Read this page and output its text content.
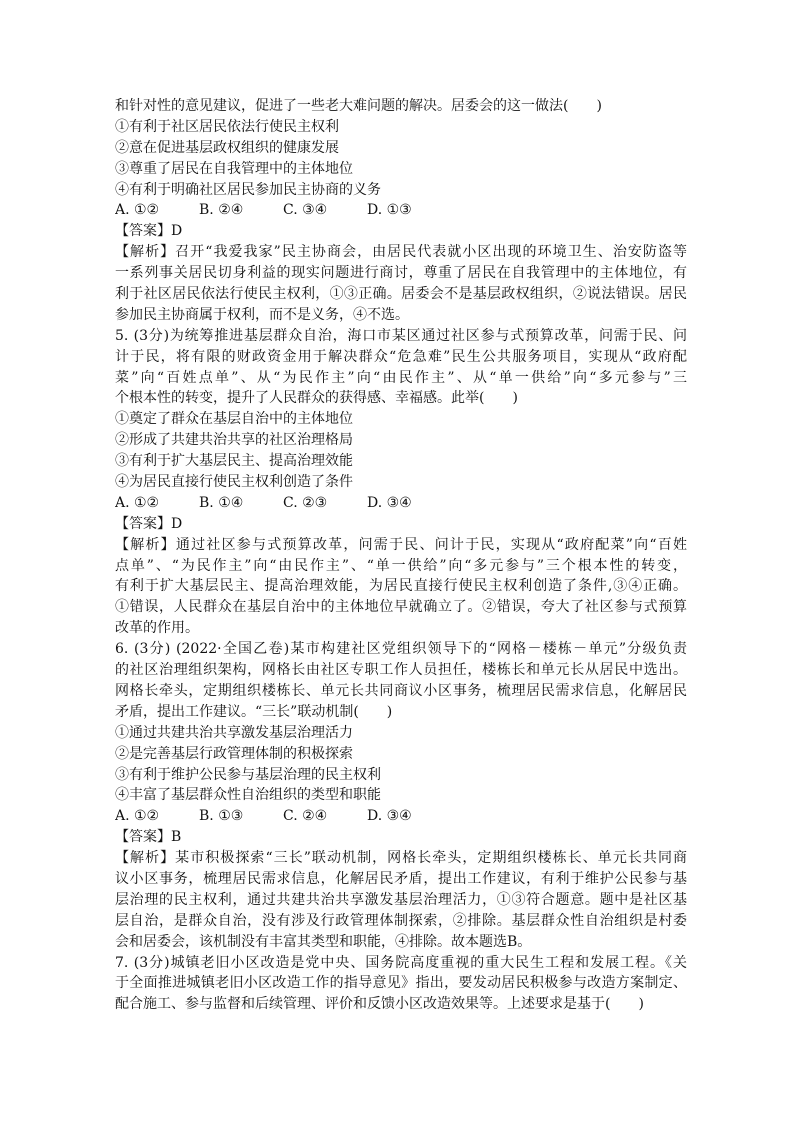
和针对性的意见建议，促进了一些老大难问题的解决。居委会的这一做法(　　)
①有利于社区居民依法行使民主权利
②意在促进基层政权组织的健康发展
③尊重了居民在自我管理中的主体地位
④有利于明确社区居民参加民主协商的义务
A. ①②	B. ②④	C. ③④	D. ①③
【答案】D
【解析】召开“我爱我家”民主协商会，由居民代表就小区出现的环境卫生、治安防盗等
一系列事关居民切身利益的现实问题进行商讨，尊重了居民在自我管理中的主体地位，有
利于社区居民依法行使民主权利，①③正确。居委会不是基层政权组织，②说法错误。居民
参加民主协商属于权利，而不是义务，④不选。
5. (3分)为统筹推进基层群众自治，海口市某区通过社区参与式预算改革，问需于民、问
计于民，将有限的财政资金用于解决群众“危急难”民生公共服务项目，实现从“政府配
菜”向“百姓点单”、从“为民作主”向“由民作主”、从“单一供给”向“多元参与”三
个根本性的转变，提升了人民群众的获得感、幸福感。此举(　　)
①奠定了群众在基层自治中的主体地位
②形成了共建共治共享的社区治理格局
③有利于扩大基层民主、提高治理效能
④为居民直接行使民主权利创造了条件
A. ①②	B. ①④	C. ②③	D. ③④
【答案】D
【解析】通过社区参与式预算改革，问需于民、问计于民，实现从“政府配菜”向“百姓
点单”、“为民作主”向“由民作主”、“单一供给”向“多元参与”三个根本性的转变，
有利于扩大基层民主、提高治理效能，为居民直接行使民主权利创造了条件,③④正确。
①错误，人民群众在基层自治中的主体地位早就确立了。②错误，夸大了社区参与式预算
改革的作用。
6. (3分) (2022·全国乙卷)某市构建社区党组织领导下的“网格－楼栋－单元”分级负责
的社区治理组织架构，网格长由社区专职工作人员担任，楼栋长和单元长从居民中选出。
网格长牵头，定期组织楼栋长、单元长共同商议小区事务，梳理居民需求信息，化解居民
矛盾，提出工作建议。“三长”联动机制(　　)
①通过共建共治共享激发基层治理活力
②是完善基层行政管理体制的积极探索
③有利于维护公民参与基层治理的民主权利
④丰富了基层群众性自治组织的类型和职能
A. ①②	B. ①③	C. ②④	D. ③④
【答案】B
【解析】某市积极探索“三长”联动机制，网格长牵头，定期组织楼栋长、单元长共同商
议小区事务，梳理居民需求信息，化解居民矛盾，提出工作建议，有利于维护公民参与基
层治理的民主权利，通过共建共治共享激发基层治理活力，①③符合题意。题中是社区基
层自治，是群众自治，没有涉及行政管理体制探索，②排除。基层群众性自治组织是村委
会和居委会，该机制没有丰富其类型和职能，④排除。故本题选B。
7. (3分)城镇老旧小区改造是党中央、国务院高度重视的重大民生工程和发展工程。《关
于全面推进城镇老旧小区改造工作的指导意见》指出，要发动居民积极参与改造方案制定、
配合施工、参与监督和后续管理、评价和反馈小区改造效果等。上述要求是基于(　　)
